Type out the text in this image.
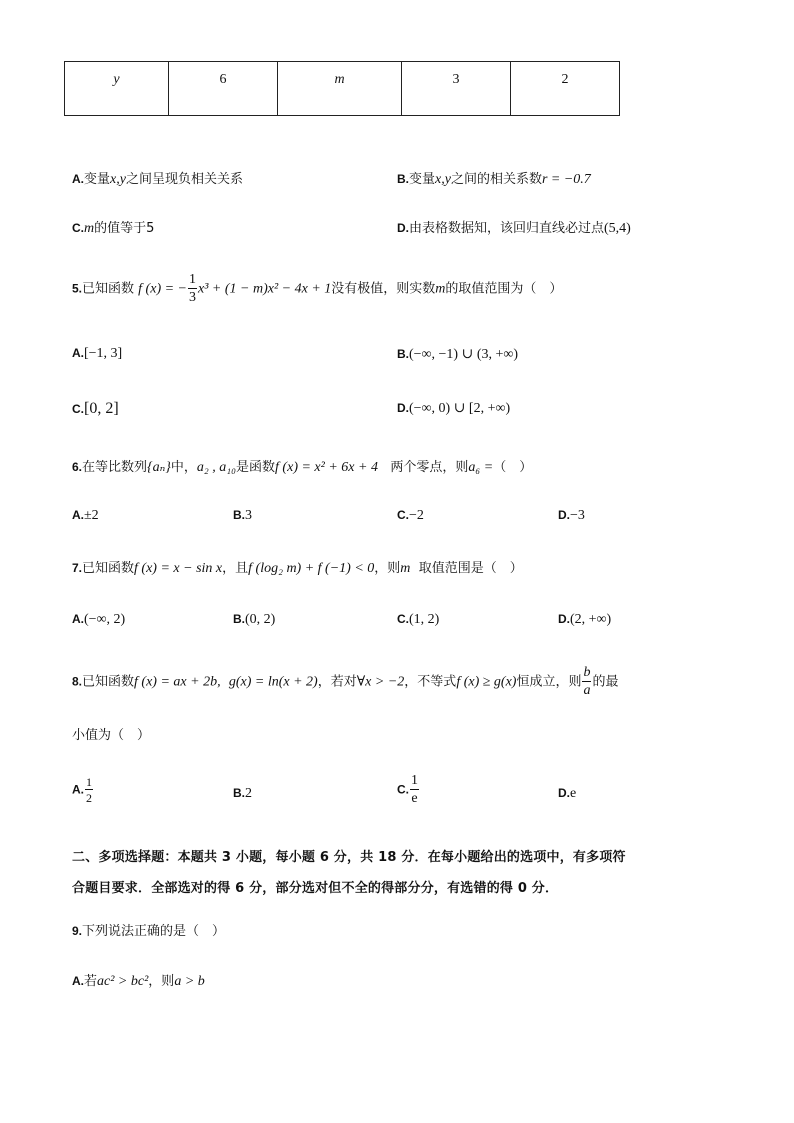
y	6	m	3	2
A.变量x,y之间呈现负相关关系	B.变量x,y之间的相关系数r = −0.7
C.m的值等于5	D.由表格数据知，该回归直线必过点(5,4)
5.已知函数 f (x) = − $\frac{1}{3} x^3 + (1 - m)x^2 - 4x + 1$没有极值，则实数m的取值范围为（　）
A.[−1, 3]	B.(−∞, −1) ∪ (3, +∞)
C.[0, 2]	D.(−∞, 0) ∪ [2, +∞)
6.在等比数列{aₙ}中，a₂ , a₁₀是函数f (x) = x² + 6x + 4 两个零点，则a₆ =（　）
A.±2	B.3	C.−2	D.−3
7.已知函数f (x) = x − sin x，且f (log₂ m) + f (−1) < 0，则m 取值范围是（　）
A.(−∞, 2)	B.(0, 2)	C.(1, 2)	D.(2, +∞)
8.已知函数f (x) = ax + 2b, g(x) = ln(x + 2)，若对∀x > −2，不等式f (x) ≥ g(x)恒成立，则 $\frac{b}{a}$ 的最
小值为（　）
A. $\frac{1}{2}$	B.2	C. $\frac{1}{e}$	D.e
二、多项选择题：本题共 3 小题，每小题 6 分，共 18 分．在每小题给出的选项中，有多项符
合题目要求．全部选对的得 6 分，部分选对但不全的得部分分，有选错的得 0 分．
9.下列说法正确的是（　）
A.若ac² > bc²，则a > b
